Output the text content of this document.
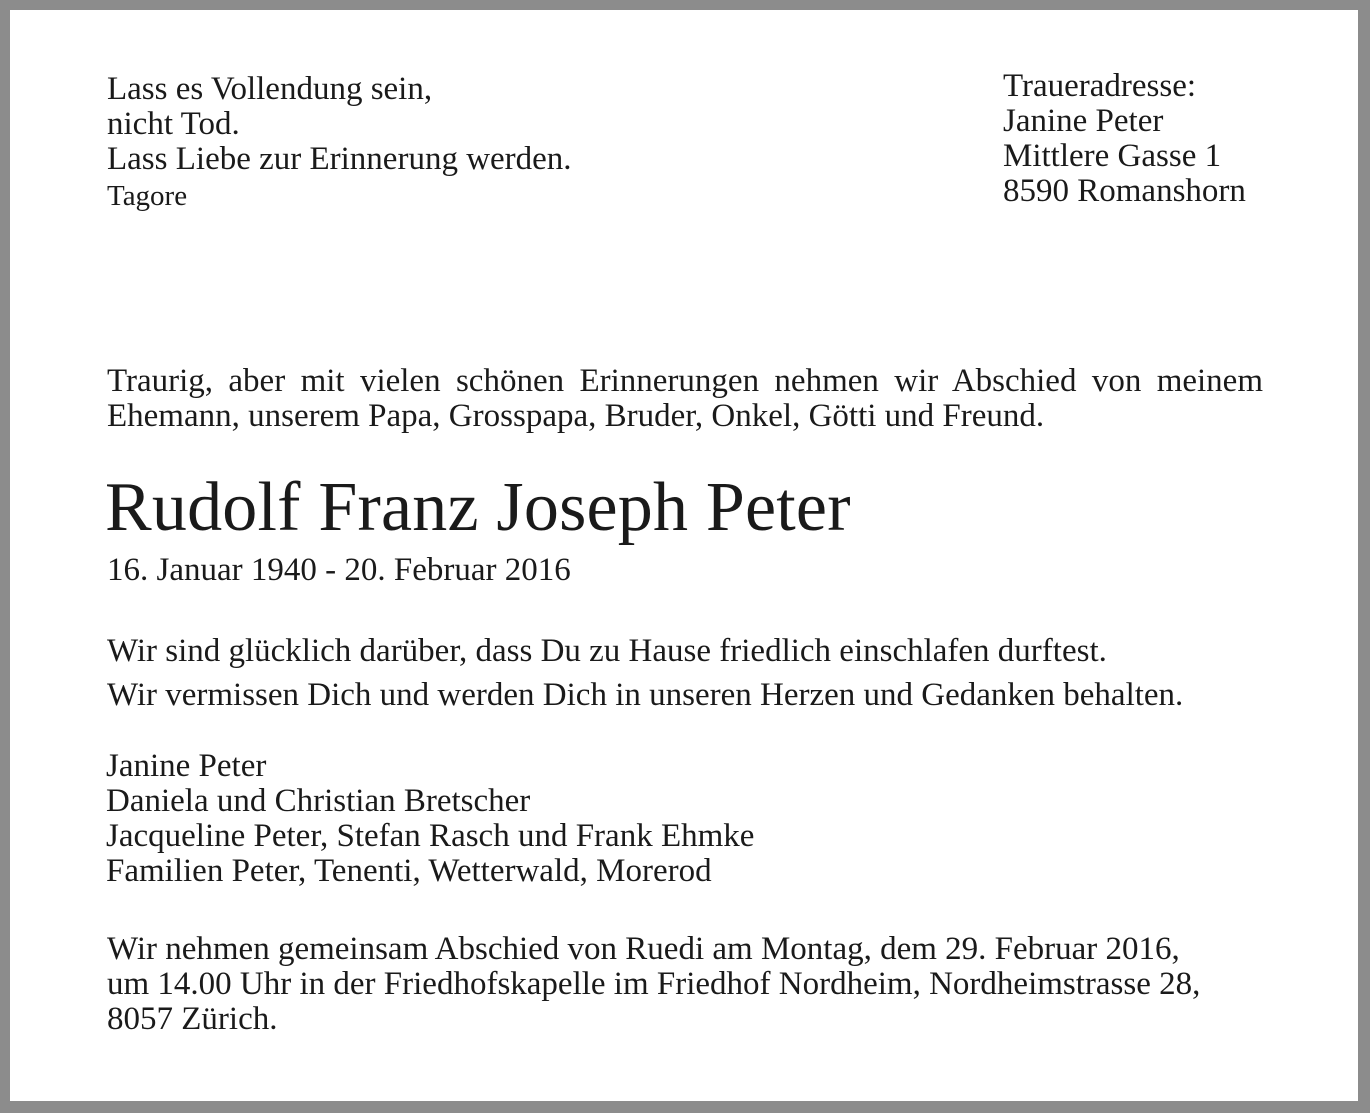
Lass es Vollendung sein,
nicht Tod.
Lass Liebe zur Erinnerung werden.
Tagore
Traueradresse:
Janine Peter
Mittlere Gasse 1
8590 Romanshorn

Traurig, aber mit vielen schönen Erinnerungen nehmen wir Abschied von meinem Ehemann, unserem Papa, Grosspapa, Bruder, Onkel, Götti und Freund.

Rudolf Franz Joseph Peter
16. Januar 1940 - 20. Februar 2016
Wir sind glücklich darüber, dass Du zu Hause friedlich einschlafen durftest.
Wir vermissen Dich und werden Dich in unseren Herzen und Gedanken behalten.
Janine Peter
Daniela und Christian Bretscher
Jacqueline Peter, Stefan Rasch und Frank Ehmke
Familien Peter, Tenenti, Wetterwald, Morerod
Wir nehmen gemeinsam Abschied von Ruedi am Montag, dem 29. Februar 2016,
um 14.00 Uhr in der Friedhofskapelle im Friedhof Nordheim, Nordheimstrasse 28,
8057 Zürich.
